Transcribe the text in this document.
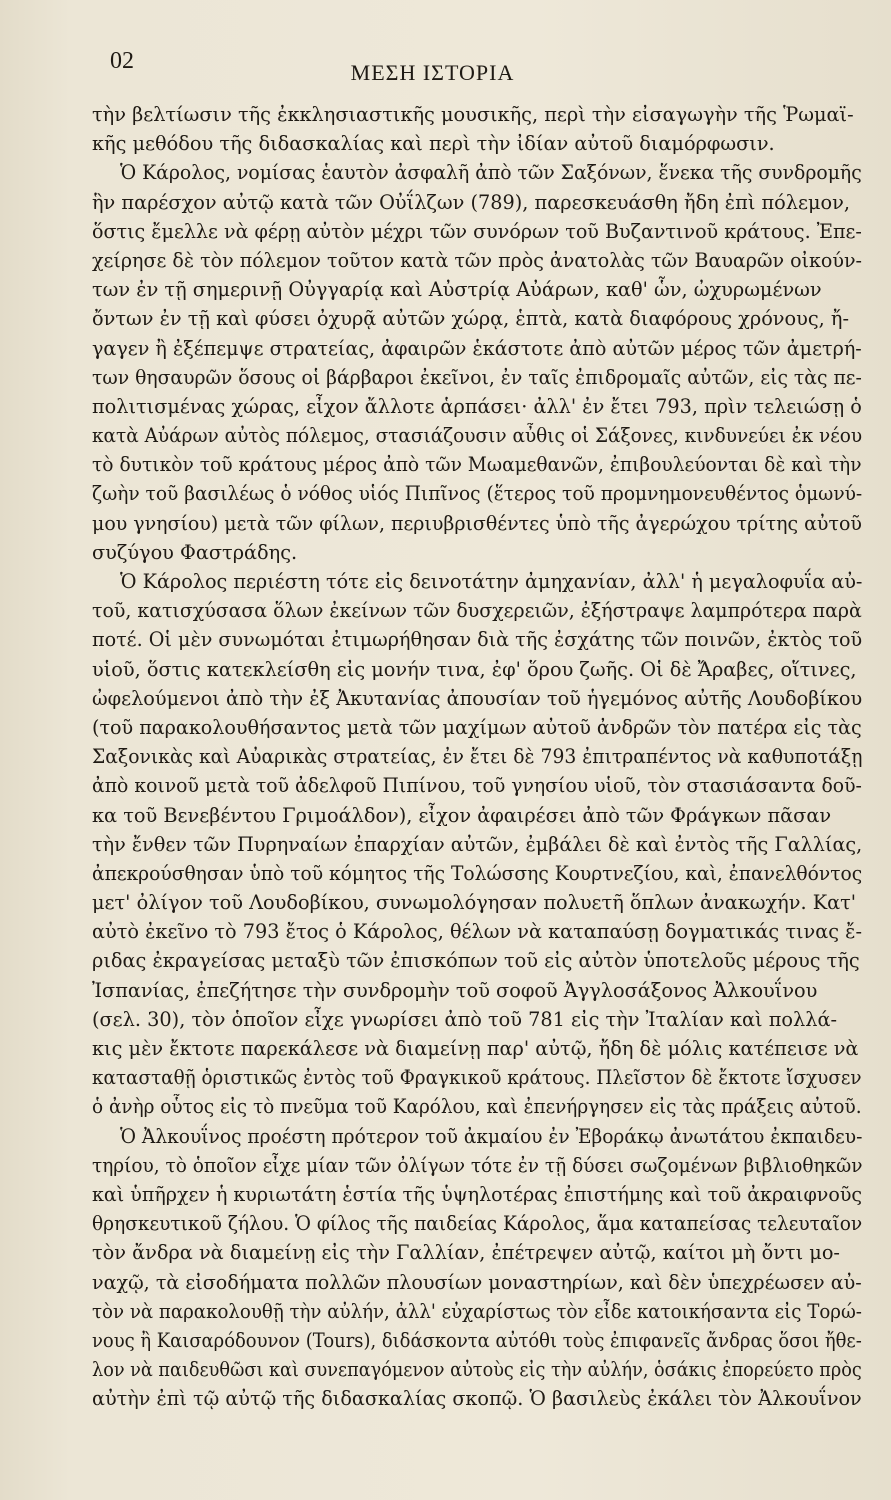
02	ΜΕΣΗ ΙΣΤΟΡΙΑ
τὴν βελτίωσιν τῆς ἐκκλησιαστικῆς μουσικῆς, περὶ τὴν εἰσαγωγὴν τῆς Ῥωμαϊ-
κῆς μεθόδου τῆς διδασκαλίας καὶ περὶ τὴν ἰδίαν αὐτοῦ διαμόρφωσιν.
Ὁ Κάρολος, νομίσας ἑαυτὸν ἀσφαλῆ ἀπὸ τῶν Σαξόνων, ἕνεκα τῆς συνδρομῆς
ἣν παρέσχον αὐτῷ κατὰ τῶν Οὐΐλζων (789), παρεσκευάσθη ἤδη ἐπὶ πόλεμον,
ὅστις ἔμελλε νὰ φέρῃ αὐτὸν μέχρι τῶν συνόρων τοῦ Βυζαντινοῦ κράτους. Ἐπε-
χείρησε δὲ τὸν πόλεμον τοῦτον κατὰ τῶν πρὸς ἀνατολὰς τῶν Βαυαρῶν οἰκούν-
των ἐν τῇ σημερινῇ Οὐγγαρίᾳ καὶ Αὐστρίᾳ Αὐάρων, καθ' ὧν, ὠχυρωμένων
ὄντων ἐν τῇ καὶ φύσει ὀχυρᾷ αὐτῶν χώρᾳ, ἑπτὰ, κατὰ διαφόρους χρόνους, ἤ-
γαγεν ἢ ἐξέπεμψε στρατείας, ἀφαιρῶν ἑκάστοτε ἀπὸ αὐτῶν μέρος τῶν ἀμετρή-
των θησαυρῶν ὅσους οἱ βάρβαροι ἐκεῖνοι, ἐν ταῖς ἐπιδρομαῖς αὐτῶν, εἰς τὰς πε-
πολιτισμένας χώρας, εἶχον ἄλλοτε ἁρπάσει· ἀλλ' ἐν ἔτει 793, πρὶν τελειώσῃ ὁ
κατὰ Αὐάρων αὐτὸς πόλεμος, στασιάζουσιν αὖθις οἱ Σάξονες, κινδυνεύει ἐκ νέου
τὸ δυτικὸν τοῦ κράτους μέρος ἀπὸ τῶν Μωαμεθανῶν, ἐπιβουλεύονται δὲ καὶ τὴν
ζωὴν τοῦ βασιλέως ὁ νόθος υἱός Πιπῖνος (ἕτερος τοῦ προμνημονευθέντος ὁμωνύ-
μου γνησίου) μετὰ τῶν φίλων, περιυβρισθέντες ὑπὸ τῆς ἀγερώχου τρίτης αὐτοῦ
συζύγου Φαστράδης.
Ὁ Κάρολος περιέστη τότε εἰς δεινοτάτην ἀμηχανίαν, ἀλλ' ἡ μεγαλοφυΐα αὐ-
τοῦ, κατισχύσασα ὅλων ἐκείνων τῶν δυσχερειῶν, ἐξήστραψε λαμπρότερα παρὰ
ποτέ. Οἱ μὲν συνωμόται ἐτιμωρήθησαν διὰ τῆς ἐσχάτης τῶν ποινῶν, ἐκτὸς τοῦ
υἱοῦ, ὅστις κατεκλείσθη εἰς μονήν τινα, ἐφ' ὅρου ζωῆς. Οἱ δὲ Ἄραβες, οἵτινες,
ὠφελούμενοι ἀπὸ τὴν ἐξ Ἀκυτανίας ἀπουσίαν τοῦ ἡγεμόνος αὐτῆς Λουδοβίκου
(τοῦ παρακολουθήσαντος μετὰ τῶν μαχίμων αὐτοῦ ἀνδρῶν τὸν πατέρα εἰς τὰς
Σαξονικὰς καὶ Αὐαρικὰς στρατείας, ἐν ἔτει δὲ 793 ἐπιτραπέντος νὰ καθυποτάξῃ
ἀπὸ κοινοῦ μετὰ τοῦ ἀδελφοῦ Πιπίνου, τοῦ γνησίου υἱοῦ, τὸν στασιάσαντα δοῦ-
κα τοῦ Βενεβέντου Γριμοάλδον), εἶχον ἀφαιρέσει ἀπὸ τῶν Φράγκων πᾶσαν
τὴν ἔνθεν τῶν Πυρηναίων ἐπαρχίαν αὐτῶν, ἐμβάλει δὲ καὶ ἐντὸς τῆς Γαλλίας,
ἀπεκρούσθησαν ὑπὸ τοῦ κόμητος τῆς Τολώσσης Κουρτνεζίου, καὶ, ἐπανελθόντος
μετ' ὀλίγον τοῦ Λουδοβίκου, συνωμολόγησαν πολυετῆ ὅπλων ἀνακωχήν. Κατ'
αὐτὸ ἐκεῖνο τὸ 793 ἔτος ὁ Κάρολος, θέλων νὰ καταπαύσῃ δογματικάς τινας ἔ-
ριδας ἐκραγείσας μεταξὺ τῶν ἐπισκόπων τοῦ εἰς αὐτὸν ὑποτελοῦς μέρους τῆς
Ἰσπανίας, ἐπεζήτησε τὴν συνδρομὴν τοῦ σοφοῦ Ἀγγλοσάξονος Ἀλκουΐνου
(σελ. 30), τὸν ὁποῖον εἶχε γνωρίσει ἀπὸ τοῦ 781 εἰς τὴν Ἰταλίαν καὶ πολλά-
κις μὲν ἔκτοτε παρεκάλεσε νὰ διαμείνῃ παρ' αὐτῷ, ἤδη δὲ μόλις κατέπεισε νὰ
κατασταθῇ ὁριστικῶς ἐντὸς τοῦ Φραγκικοῦ κράτους. Πλεῖστον δὲ ἔκτοτε ἴσχυσεν
ὁ ἀνὴρ οὗτος εἰς τὸ πνεῦμα τοῦ Καρόλου, καὶ ἐπενήργησεν εἰς τὰς πράξεις αὐτοῦ.
Ὁ Ἀλκουΐνος προέστη πρότερον τοῦ ἀκμαίου ἐν Ἐβοράκῳ ἀνωτάτου ἐκπαιδευ-
τηρίου, τὸ ὁποῖον εἶχε μίαν τῶν ὀλίγων τότε ἐν τῇ δύσει σωζομένων βιβλιοθηκῶν
καὶ ὑπῆρχεν ἡ κυριωτάτη ἑστία τῆς ὑψηλοτέρας ἐπιστήμης καὶ τοῦ ἀκραιφνοῦς
θρησκευτικοῦ ζήλου. Ὁ φίλος τῆς παιδείας Κάρολος, ἅμα καταπείσας τελευταῖον
τὸν ἄνδρα νὰ διαμείνῃ εἰς τὴν Γαλλίαν, ἐπέτρεψεν αὐτῷ, καίτοι μὴ ὄντι μο-
ναχῷ, τὰ εἰσοδήματα πολλῶν πλουσίων μοναστηρίων, καὶ δὲν ὑπεχρέωσεν αὐ-
τὸν νὰ παρακολουθῇ τὴν αὐλήν, ἀλλ' εὐχαρίστως τὸν εἶδε κατοικήσαντα εἰς Τορώ-
νους ἢ Καισαρόδουνον (Tours), διδάσκοντα αὐτόθι τοὺς ἐπιφανεῖς ἄνδρας ὅσοι ἤθε-
λον νὰ παιδευθῶσι καὶ συνεπαγόμενον αὐτοὺς εἰς τὴν αὐλήν, ὁσάκις ἐπορεύετο πρὸς
αὐτὴν ἐπὶ τῷ αὐτῷ τῆς διδασκαλίας σκοπῷ. Ὁ βασιλεὺς ἐκάλει τὸν Ἀλκουΐνον
